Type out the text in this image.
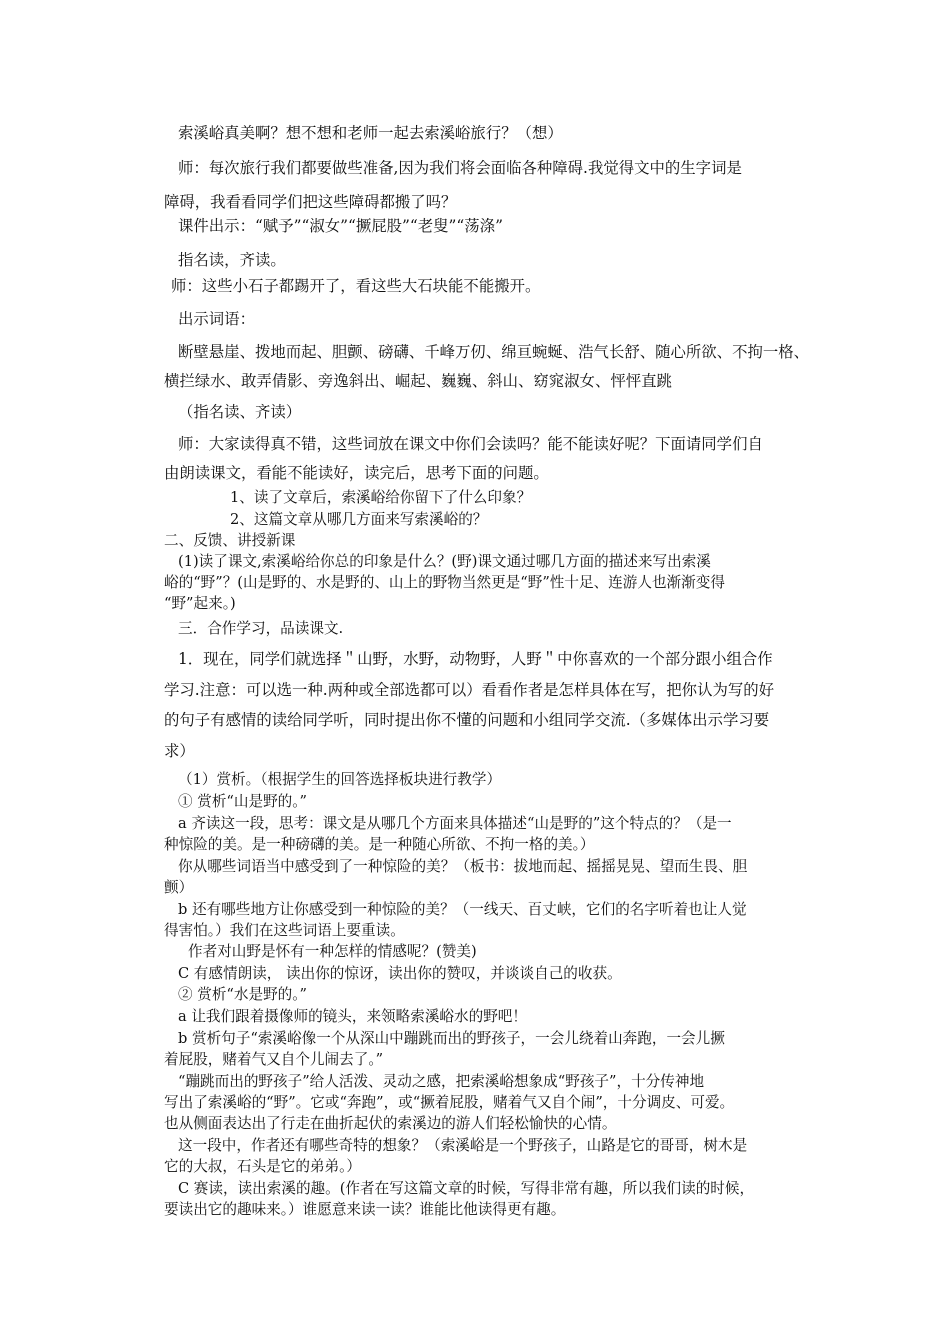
索溪峪真美啊？想不想和老师一起去索溪峪旅行？（想）
师：每次旅行我们都要做些准备,因为我们将会面临各种障碍.我觉得文中的生字词是
障碍，我看看同学们把这些障碍都搬了吗？
课件出示：“赋予”“淑女”“撅屁股”“老叟”“荡涤”
指名读，齐读。
师：这些小石子都踢开了，看这些大石块能不能搬开。
出示词语：
断壁悬崖、拨地而起、胆颤、磅礴、千峰万仞、绵亘蜿蜒、浩气长舒、随心所欲、不拘一格、
横拦绿水、敢弄倩影、旁逸斜出、崛起、巍巍、斜山、窈窕淑女、怦怦直跳
（指名读、齐读）
师：大家读得真不错，这些词放在课文中你们会读吗？能不能读好呢？下面请同学们自
由朗读课文，看能不能读好，读完后，思考下面的问题。
1、读了文章后，索溪峪给你留下了什么印象？
2、这篇文章从哪几方面来写索溪峪的？
二、反馈、讲授新课
(1)读了课文,索溪峪给你总的印象是什么？(野)课文通过哪几方面的描述来写出索溪
峪的“野”？(山是野的、水是野的、山上的野物当然更是“野”性十足、连游人也渐渐变得
“野”起来。)
三．合作学习，品读课文.
1．现在，同学们就选择＂山野，水野，动物野，人野＂中你喜欢的一个部分跟小组合作
学习.注意：可以选一种.两种或全部选都可以）看看作者是怎样具体在写，把你认为写的好
的句子有感情的读给同学听，同时提出你不懂的问题和小组同学交流.（多媒体出示学习要
求）
（1）赏析。（根据学生的回答选择板块进行教学）
① 赏析“山是野的。”
a 齐读这一段，思考：课文是从哪几个方面来具体描述“山是野的”这个特点的？（是一
种惊险的美。是一种磅礴的美。是一种随心所欲、不拘一格的美。）
你从哪些词语当中感受到了一种惊险的美？（板书：拔地而起、摇摇晃晃、望而生畏、胆
颤）
b 还有哪些地方让你感受到一种惊险的美？（一线天、百丈峡，它们的名字听着也让人觉
得害怕。）我们在这些词语上要重读。
作者对山野是怀有一种怎样的情感呢？(赞美)
C 有感情朗读， 读出你的惊讶，读出你的赞叹，并谈谈自己的收获。
② 赏析“水是野的。”
a 让我们跟着摄像师的镜头，来领略索溪峪水的野吧！
b 赏析句子“索溪峪像一个从深山中蹦跳而出的野孩子，一会儿绕着山奔跑，一会儿撅
着屁股，赌着气又自个儿闹去了。”
“蹦跳而出的野孩子”给人活泼、灵动之感，把索溪峪想象成“野孩子”，十分传神地
写出了索溪峪的“野”。它或“奔跑”，或“撅着屁股，赌着气又自个闹”，十分调皮、可爱。
也从侧面表达出了行走在曲折起伏的索溪边的游人们轻松愉快的心情。
这一段中，作者还有哪些奇特的想象？（索溪峪是一个野孩子，山路是它的哥哥，树木是
它的大叔，石头是它的弟弟。）
C 赛读，读出索溪的趣。(作者在写这篇文章的时候，写得非常有趣，所以我们读的时候，
要读出它的趣味来。）谁愿意来读一读？谁能比他读得更有趣。
